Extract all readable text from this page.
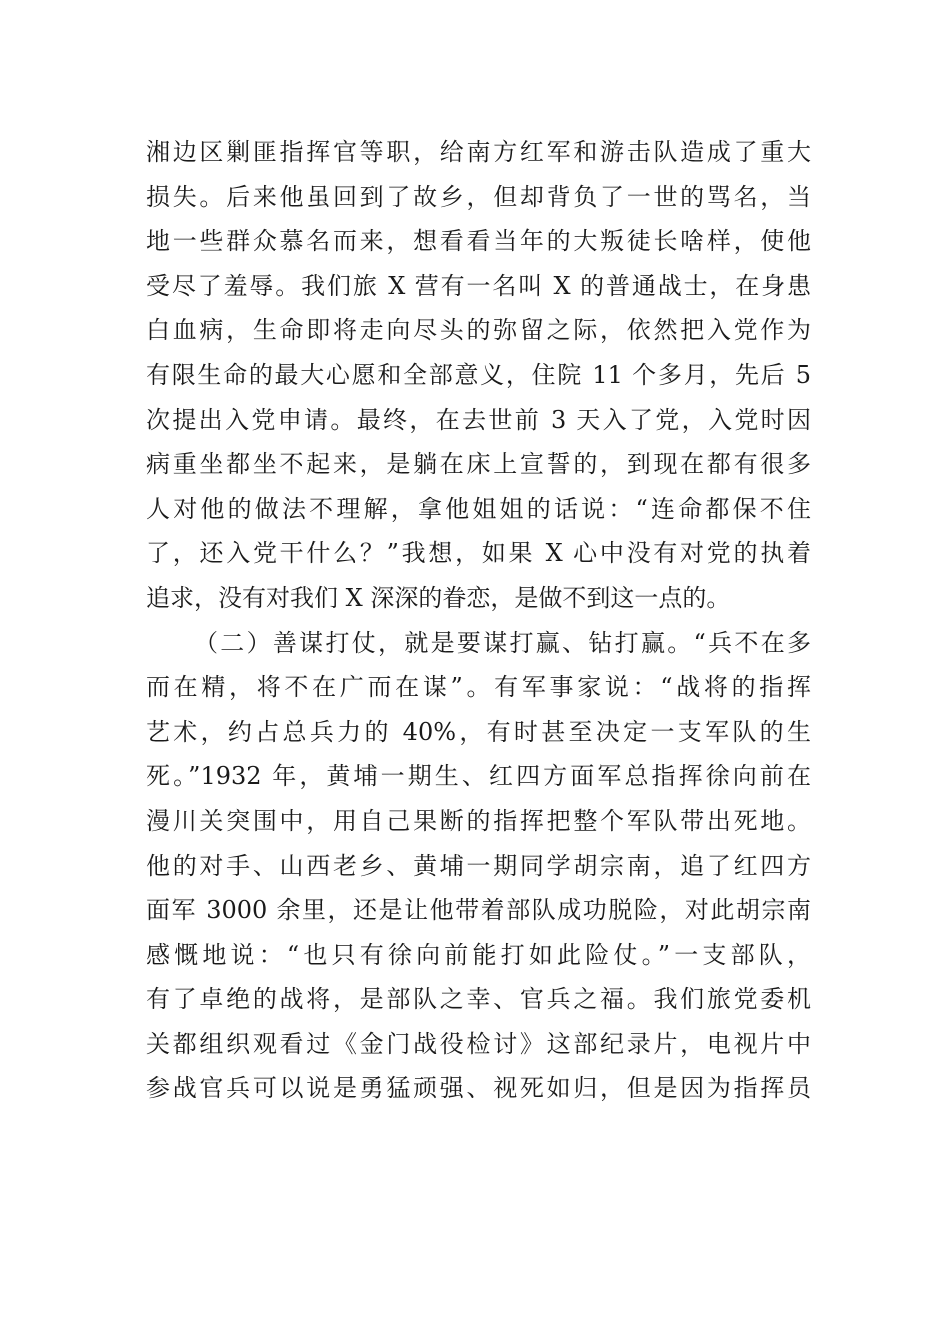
湘边区剿匪指挥官等职，给南方红军和游击队造成了重大
损失。后来他虽回到了故乡，但却背负了一世的骂名，当
地一些群众慕名而来，想看看当年的大叛徒长啥样，使他
受尽了羞辱。我们旅 X 营有一名叫 X 的普通战士，在身患
白血病，生命即将走向尽头的弥留之际，依然把入党作为
有限生命的最大心愿和全部意义，住院 11 个多月，先后 5
次提出入党申请。最终，在去世前 3 天入了党，入党时因
病重坐都坐不起来，是躺在床上宣誓的，到现在都有很多
人对他的做法不理解，拿他姐姐的话说：“连命都保不住
了，还入党干什么？”我想，如果 X 心中没有对党的执着
追求，没有对我们 X 深深的眷恋，是做不到这一点的。
（二）善谋打仗，就是要谋打赢、钻打赢。“兵不在多
而在精，将不在广而在谋”。有军事家说：“战将的指挥
艺术，约占总兵力的 40%，有时甚至决定一支军队的生
死。”1932 年，黄埔一期生、红四方面军总指挥徐向前在
漫川关突围中，用自己果断的指挥把整个军队带出死地。
他的对手、山西老乡、黄埔一期同学胡宗南，追了红四方
面军 3000 余里，还是让他带着部队成功脱险，对此胡宗南
感慨地说：“也只有徐向前能打如此险仗。”一支部队，
有了卓绝的战将，是部队之幸、官兵之福。我们旅党委机
关都组织观看过《金门战役检讨》这部纪录片，电视片中
参战官兵可以说是勇猛顽强、视死如归，但是因为指挥员
